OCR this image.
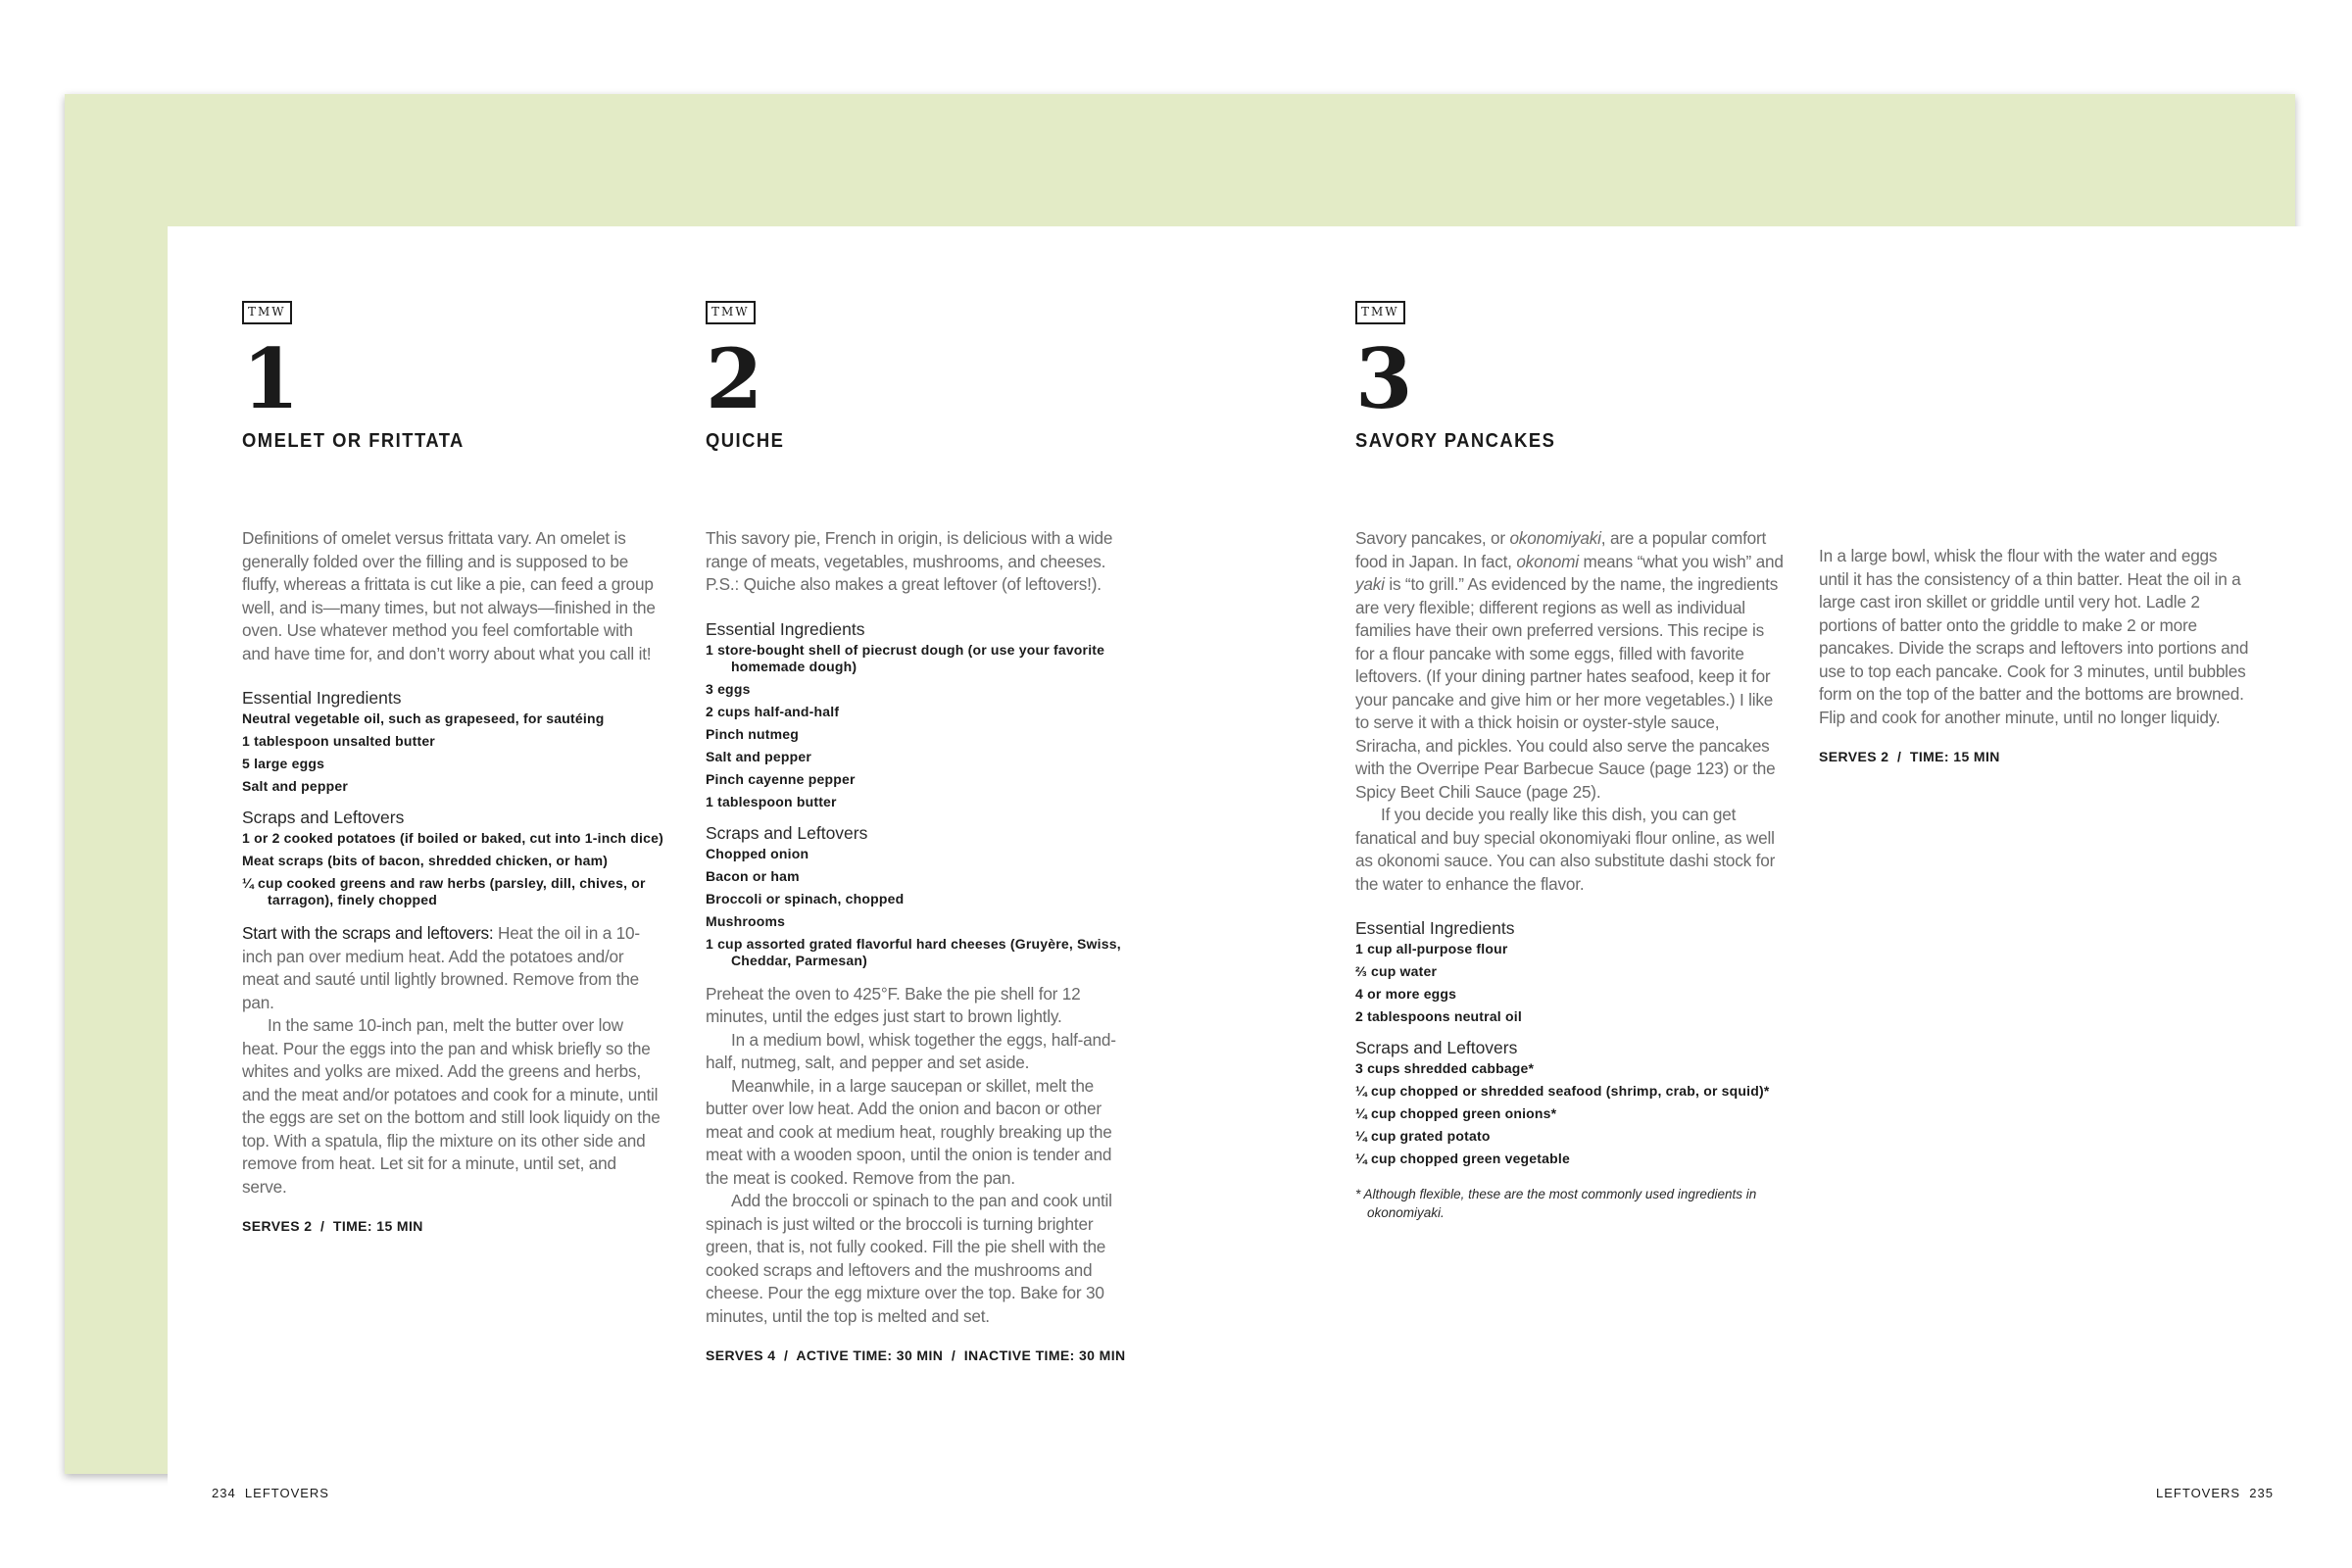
TMW
1
OMELET OR FRITTATA

Definitions of omelet versus frittata vary. An omelet is generally folded over the filling and is supposed to be fluffy, whereas a frittata is cut like a pie, can feed a group well, and is—many times, but not always—finished in the oven. Use whatever method you feel comfortable with and have time for, and don’t worry about what you call it!

Essential Ingredients
Neutral vegetable oil, such as grapeseed, for sautéing
1 tablespoon unsalted butter
5 large eggs
Salt and pepper
Scraps and Leftovers
1 or 2 cooked potatoes (if boiled or baked, cut into 1-inch dice)
Meat scraps (bits of bacon, shredded chicken, or ham)
¼ cup cooked greens and raw herbs (parsley, dill, chives, or tarragon), finely chopped

Start with the scraps and leftovers: Heat the oil in a 10-inch pan over medium heat. Add the potatoes and/or meat and sauté until lightly browned. Remove from the pan.

In the same 10-inch pan, melt the butter over low heat. Pour the eggs into the pan and whisk briefly so the whites and yolks are mixed. Add the greens and herbs, and the meat and/or potatoes and cook for a minute, until the eggs are set on the bottom and still look liquidy on the top. With a spatula, flip the mixture on its other side and remove from heat. Let sit for a minute, until set, and serve.

SERVES 2  /  TIME: 15 MIN
TMW
2
QUICHE

This savory pie, French in origin, is delicious with a wide range of meats, vegetables, mushrooms, and cheeses. P.S.: Quiche also makes a great leftover (of leftovers!).

Essential Ingredients
1 store-bought shell of piecrust dough (or use your favorite homemade dough)
3 eggs
2 cups half-and-half
Pinch nutmeg
Salt and pepper
Pinch cayenne pepper
1 tablespoon butter
Scraps and Leftovers
Chopped onion
Bacon or ham
Broccoli or spinach, chopped
Mushrooms
1 cup assorted grated flavorful hard cheeses (Gruyère, Swiss, Cheddar, Parmesan)

Preheat the oven to 425°F. Bake the pie shell for 12 minutes, until the edges just start to brown lightly.

In a medium bowl, whisk together the eggs, half-and-half, nutmeg, salt, and pepper and set aside.

Meanwhile, in a large saucepan or skillet, melt the butter over low heat. Add the onion and bacon or other meat and cook at medium heat, roughly breaking up the meat with a wooden spoon, until the onion is tender and the meat is cooked. Remove from the pan.

Add the broccoli or spinach to the pan and cook until spinach is just wilted or the broccoli is turning brighter green, that is, not fully cooked. Fill the pie shell with the cooked scraps and leftovers and the mushrooms and cheese. Pour the egg mixture over the top. Bake for 30 minutes, until the top is melted and set.

SERVES 4  /  ACTIVE TIME: 30 MIN  /  INACTIVE TIME: 30 MIN
TMW
3
SAVORY PANCAKES

Savory pancakes, or okonomiyaki, are a popular comfort food in Japan. In fact, okonomi means “what you wish” and yaki is “to grill.” As evidenced by the name, the ingredients are very flexible; different regions as well as individual families have their own preferred versions. This recipe is for a flour pancake with some eggs, filled with favorite leftovers. (If your dining partner hates seafood, keep it for your pancake and give him or her more vegetables.) I like to serve it with a thick hoisin or oyster-style sauce, Sriracha, and pickles. You could also serve the pancakes with the Overripe Pear Barbecue Sauce (page 123) or the Spicy Beet Chili Sauce (page 25).

If you decide you really like this dish, you can get fanatical and buy special okonomiyaki flour online, as well as okonomi sauce. You can also substitute dashi stock for the water to enhance the flavor.

Essential Ingredients
1 cup all-purpose flour
⅔ cup water
4 or more eggs
2 tablespoons neutral oil
Scraps and Leftovers
3 cups shredded cabbage*
¼ cup chopped or shredded seafood (shrimp, crab, or squid)*
¼ cup chopped green onions*
¼ cup grated potato
¼ cup chopped green vegetable

* Although flexible, these are the most commonly used ingredients in okonomiyaki.

In a large bowl, whisk the flour with the water and eggs until it has the consistency of a thin batter. Heat the oil in a large cast iron skillet or griddle until very hot. Ladle 2 portions of batter onto the griddle to make 2 or more pancakes. Divide the scraps and leftovers into portions and use to top each pancake. Cook for 3 minutes, until bubbles form on the top of the batter and the bottoms are browned. Flip and cook for another minute, until no longer liquidy.

SERVES 2  /  TIME: 15 MIN
234  LEFTOVERS	LEFTOVERS  235
